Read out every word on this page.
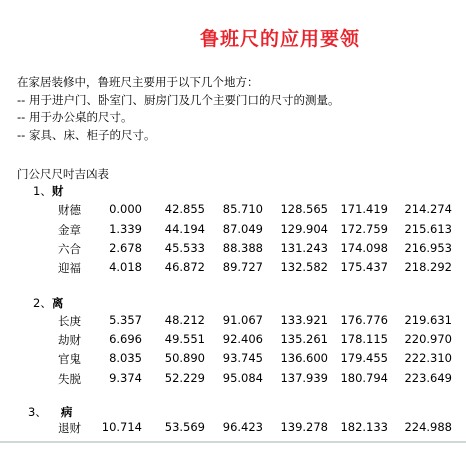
鲁班尺的应用要领
在家居装修中，鲁班尺主要用于以下几个地方：
-- 用于进户门、卧室门、厨房门及几个主要门口的尺寸的测量。
-- 用于办公桌的尺寸。
-- 家具、床、柜子的尺寸。
门公尺尺吋吉凶表
1、财
财德	0.000	42.855	85.710	128.565	171.419	214.274
金章	1.339	44.194	87.049	129.904	172.759	215.613
六合	2.678	45.533	88.388	131.243	174.098	216.953
迎福	4.018	46.872	89.727	132.582	175.437	218.292
2、离
长庚	5.357	48.212	91.067	133.921	176.776	219.631
劫财	6.696	49.551	92.406	135.261	178.115	220.970
官鬼	8.035	50.890	93.745	136.600	179.455	222.310
失脱	9.374	52.229	95.084	137.939	180.794	223.649
3、 病
退财	10.714	53.569	96.423	139.278	182.133	224.988
